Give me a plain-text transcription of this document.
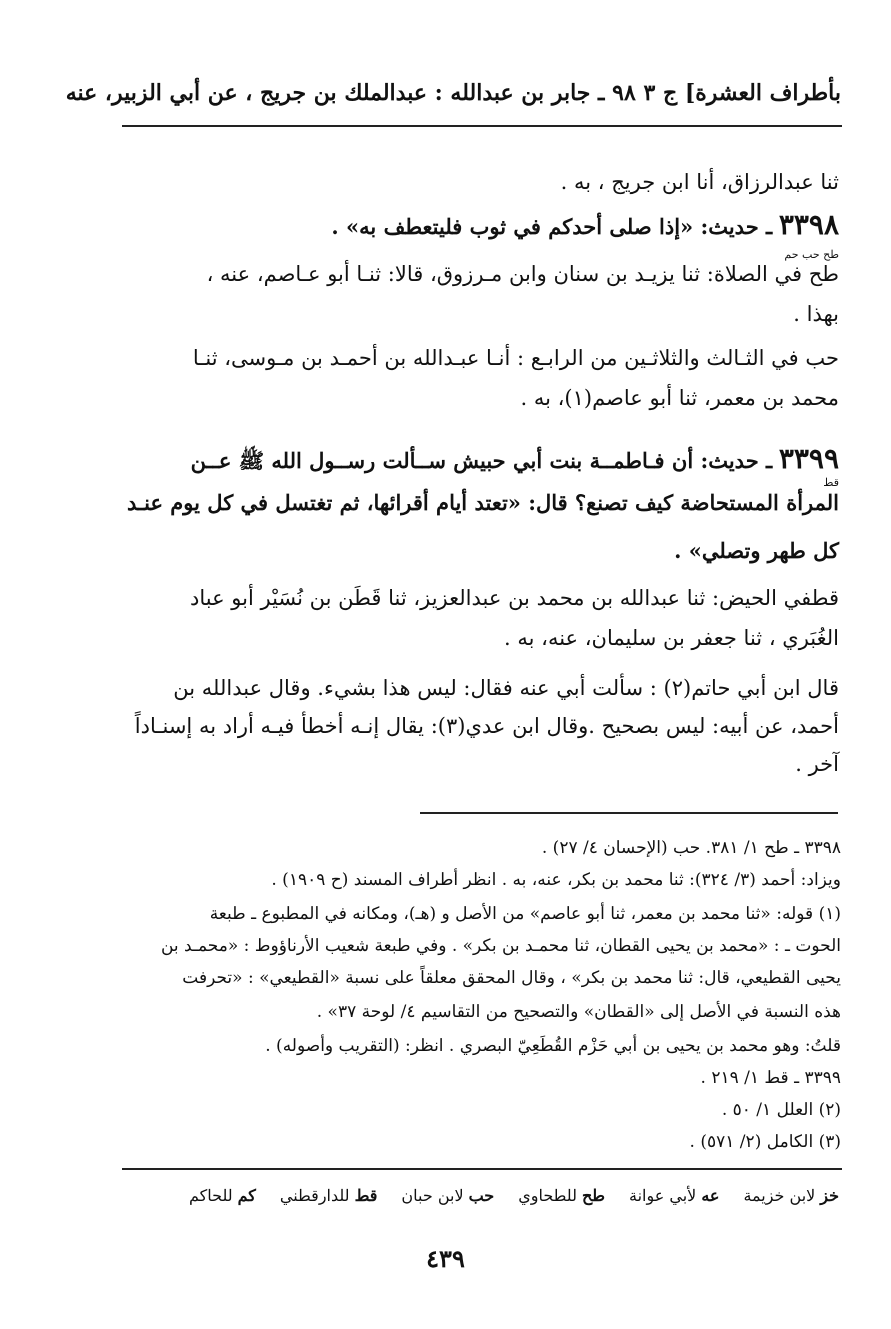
بأطراف العشرة] ج ٣ ٩٨ ـ جابر بن عبدالله : عبدالملك بن جريج ، عن أبي الزبير، عنه
ثنا عبدالرزاق، أنا ابن جريج ، به .
٣٣٩٨ ـ حديث: «إذا صلى أحدكم في ثوب فليتعطف به» .
طح حب حم
طح في الصلاة: ثنا يزيـد بن سنان وابن مـرزوق، قالا: ثنـا أبو عـاصم، عنه ،
بهذا .
حب في الثـالث والثلاثـين من الرابـع : أنـا عبـدالله بن أحمـد بن مـوسى، ثنـا
محمد بن معمر، ثنا أبو عاصم(١)، به .
٣٣٩٩ ـ حديث: أن فـاطمــة بنت أبي حبيش ســألت رســول الله ﷺ عــن
قط
المرأة المستحاضة كيف تصنع؟ قال: «تعتد أيام أقرائها، ثم تغتسل في كل يوم عنـد
كل طهر وتصلي» .
قطفي الحيض: ثنا عبدالله بن محمد بن عبدالعزيز، ثنا قَطَن بن نُسَيْر أبو عباد
الغُبَري ، ثنا جعفر بن سليمان، عنه، به .
قال ابن أبي حاتم(٢) : سألت أبي عنه فقال: ليس هذا بشيء. وقال عبدالله بن
أحمد، عن أبيه: ليس بصحيح .وقال ابن عدي(٣): يقال إنـه أخطأ فيـه أراد به إسنـاداً
آخر .
٣٣٩٨ ـ طح ١/ ٣٨١. حب (الإحسان ٤/ ٢٧) .
ويزاد: أحمد (٣/ ٣٢٤): ثنا محمد بن بكر، عنه، به . انظر أطراف المسند (ح ١٩٠٩) .
(١) قوله: «ثنا محمد بن معمر، ثنا أبو عاصم» من الأصل و (هـ)، ومكانه في المطبوع ـ طبعة
الحوت ـ : «محمد بن يحيى القطان، ثنا محمـد بن بكر» . وفي طبعة شعيب الأرناؤوط : «محمـد بن
يحيى القطيعي، قال: ثنا محمد بن بكر» ، وقال المحقق معلقاً على نسبة «القطيعي» : «تحرفت
هذه النسبة في الأصل إلى «القطان» والتصحيح من التقاسيم ٤/ لوحة ٣٧» .
قلتُ: وهو محمد بن يحيى بن أبي حَزْم القُطَعِيّ البصري . انظر: (التقريب وأصوله) .
٣٣٩٩ ـ قط ١/ ٢١٩ .
(٢) العلل ١/ ٥٠ .
(٣) الكامل (٢/ ٥٧١) .
خز
لابن خزيمة
عه
لأبي عوانة
طح
للطحاوي
حب
لابن حبان
قط
للدارقطني
كم
للحاكم
٤٣٩
